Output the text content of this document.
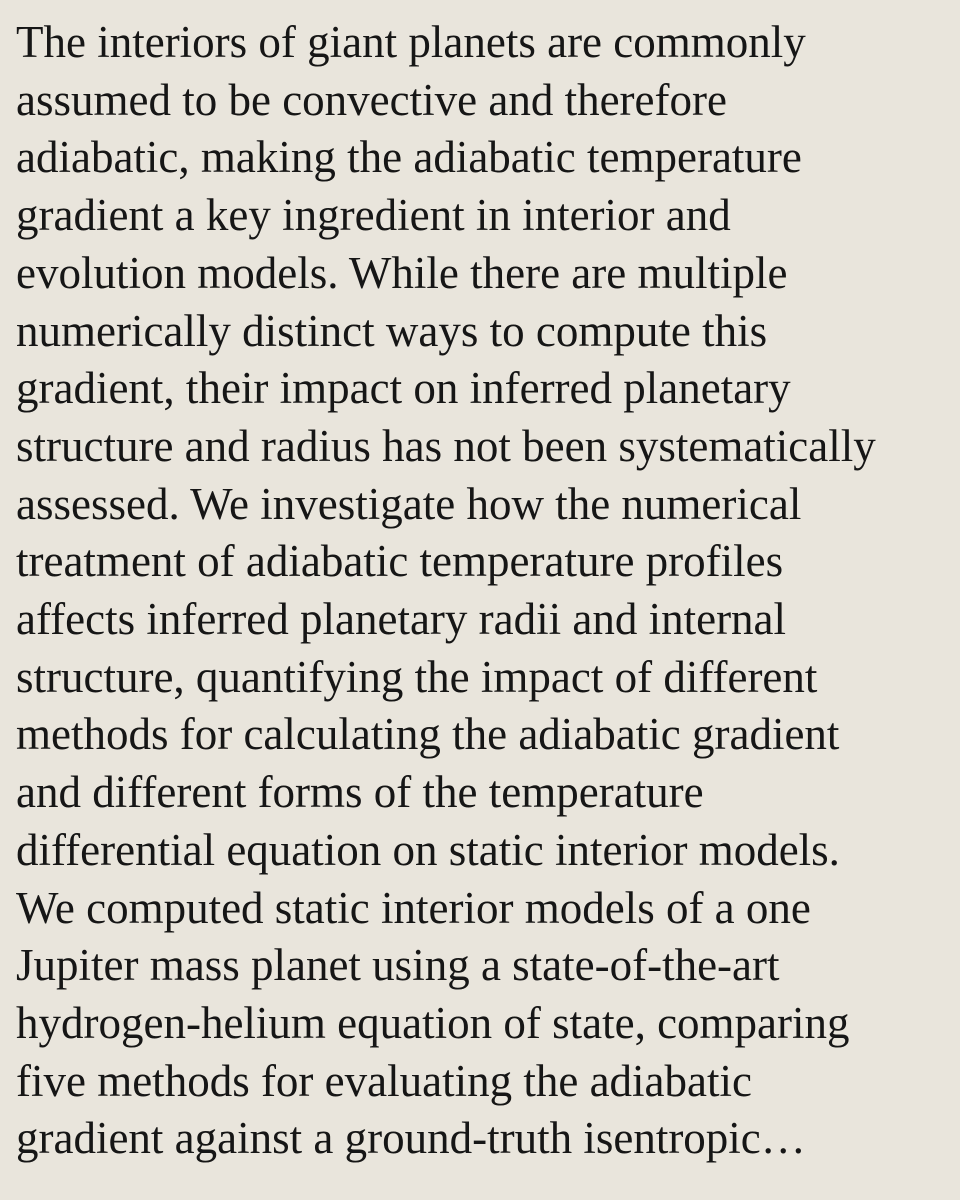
The interiors of giant planets are commonly
assumed to be convective and therefore
adiabatic, making the adiabatic temperature
gradient a key ingredient in interior and
evolution models. While there are multiple
numerically distinct ways to compute this
gradient, their impact on inferred planetary
structure and radius has not been systematically
assessed. We investigate how the numerical
treatment of adiabatic temperature profiles
affects inferred planetary radii and internal
structure, quantifying the impact of different
methods for calculating the adiabatic gradient
and different forms of the temperature
differential equation on static interior models.
We computed static interior models of a one
Jupiter mass planet using a state-of-the-art
hydrogen-helium equation of state, comparing
five methods for evaluating the adiabatic
gradient against a ground-truth isentropic…
